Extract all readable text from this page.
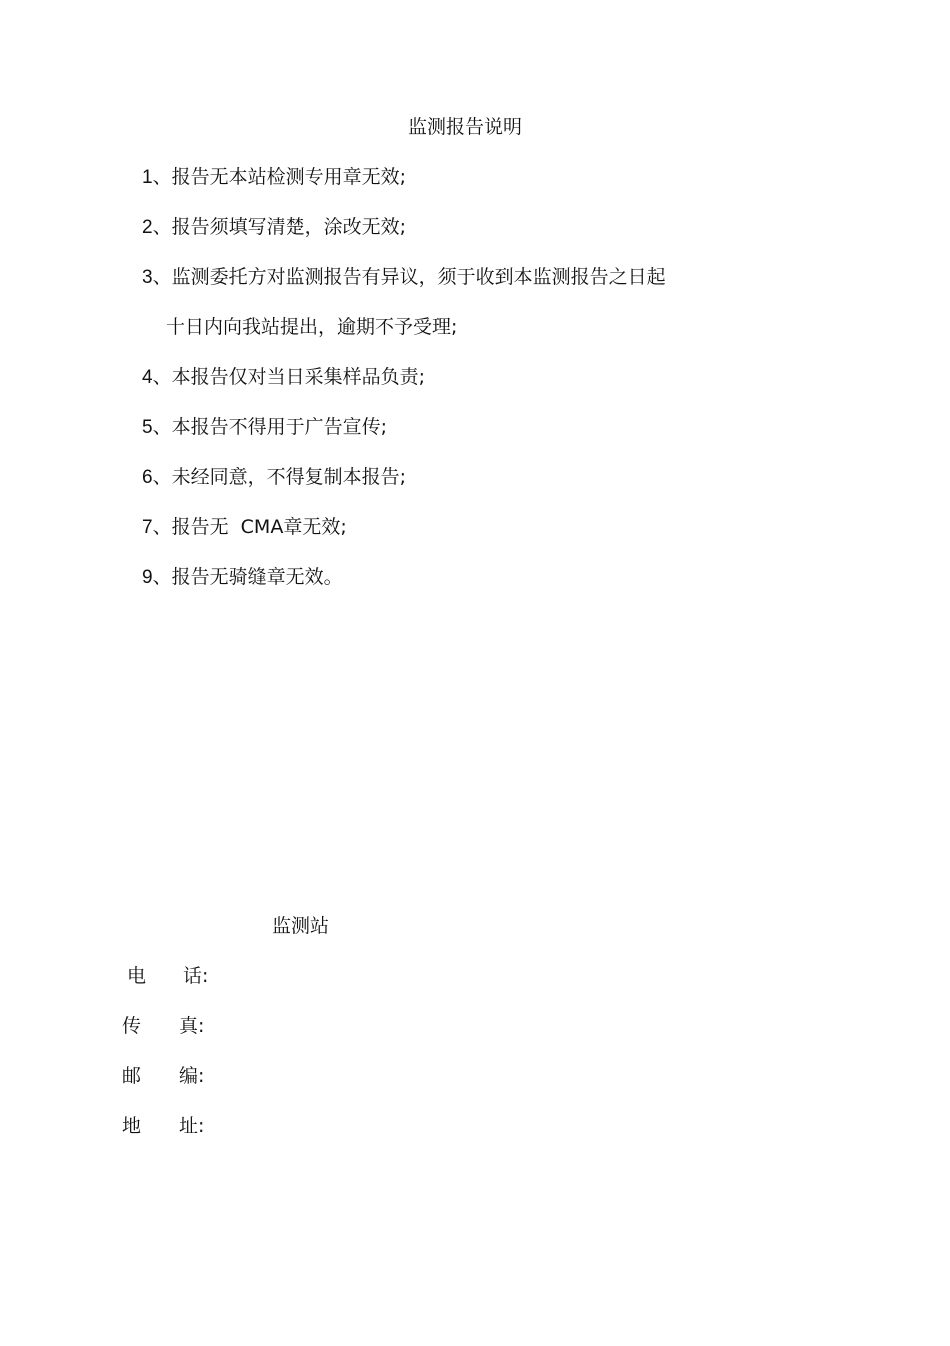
监测报告说明
1、报告无本站检测专用章无效;
2、报告须填写清楚，涂改无效;
3、监测委托方对监测报告有异议，须于收到本监测报告之日起
十日内向我站提出，逾期不予受理;
4、本报告仅对当日采集样品负责;
5、本报告不得用于广告宣传;
6、未经同意，不得复制本报告;
7、报告无  CMA章无效;
9、报告无骑缝章无效。
监测站
电	话:
传	真:
邮	编:
地	址:
